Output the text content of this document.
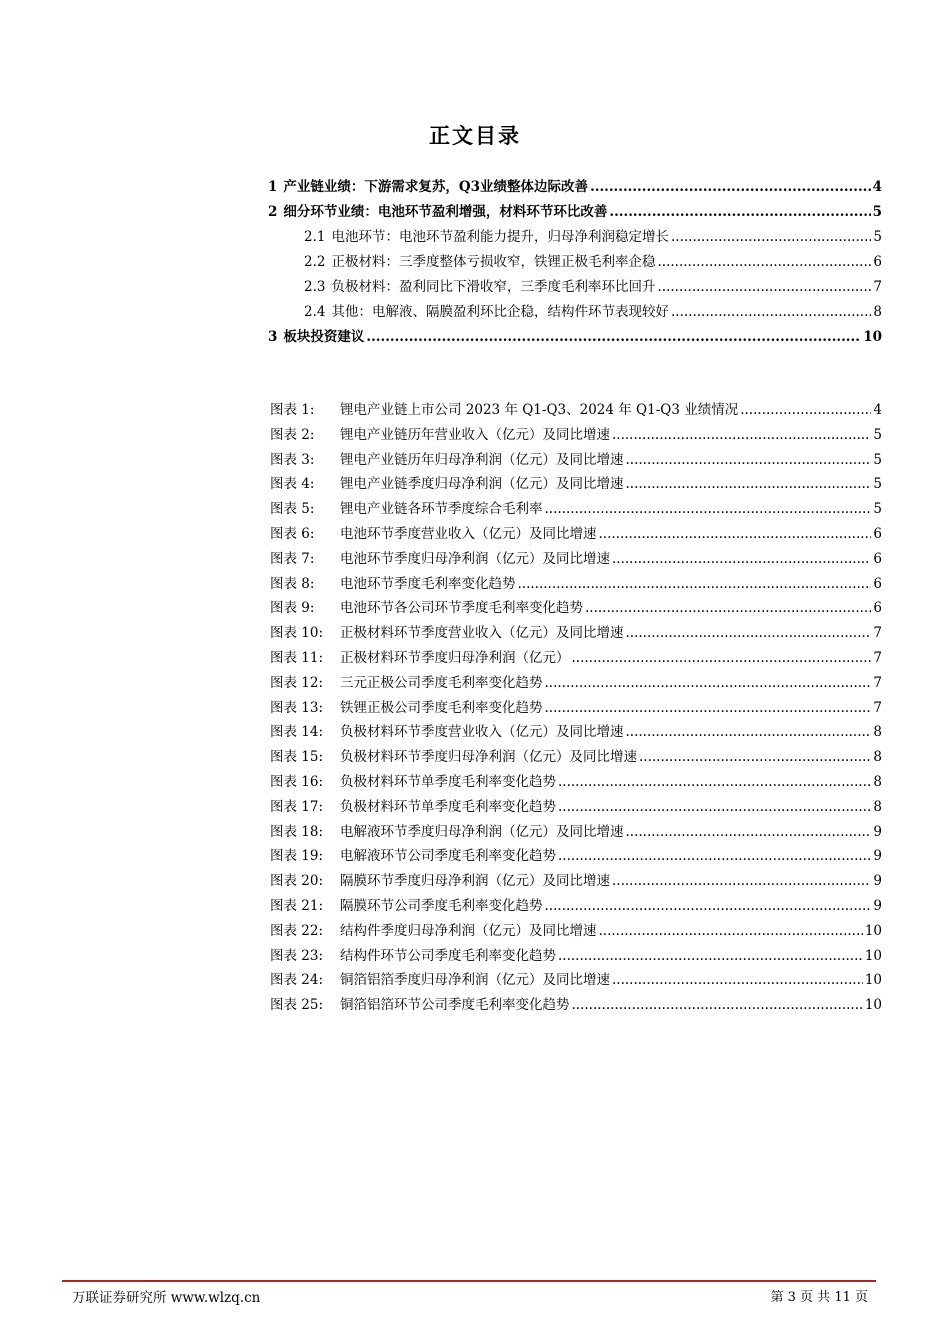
正文目录
1 产业链业绩：下游需求复苏，Q3业绩整体边际改善 .....	4
2 细分环节业绩：电池环节盈利增强，材料环节环比改善 .....	5
2.1 电池环节：电池环节盈利能力提升，归母净利润稳定增长 .....	5
2.2 正极材料：三季度整体亏损收窄，铁锂正极毛利率企稳 .....	6
2.3 负极材料：盈利同比下滑收窄，三季度毛利率环比回升 .....	7
2.4 其他：电解液、隔膜盈利环比企稳，结构件环节表现较好 .....	8
3 板块投资建议 .....	10
图表 1:	锂电产业链上市公司 2023 年 Q1-Q3、2024 年 Q1-Q3 业绩情况 .....	4
图表 2:	锂电产业链历年营业收入（亿元）及同比增速 .....	5
图表 3:	锂电产业链历年归母净利润（亿元）及同比增速 .....	5
图表 4:	锂电产业链季度归母净利润（亿元）及同比增速 .....	5
图表 5:	锂电产业链各环节季度综合毛利率 .....	5
图表 6:	电池环节季度营业收入（亿元）及同比增速 .....	6
图表 7:	电池环节季度归母净利润（亿元）及同比增速 .....	6
图表 8:	电池环节季度毛利率变化趋势 .....	6
图表 9:	电池环节各公司环节季度毛利率变化趋势 .....	6
图表 10:	正极材料环节季度营业收入（亿元）及同比增速 .....	7
图表 11:	正极材料环节季度归母净利润（亿元） .....	7
图表 12:	三元正极公司季度毛利率变化趋势 .....	7
图表 13:	铁锂正极公司季度毛利率变化趋势 .....	7
图表 14:	负极材料环节季度营业收入（亿元）及同比增速 .....	8
图表 15:	负极材料环节季度归母净利润（亿元）及同比增速 .....	8
图表 16:	负极材料环节单季度毛利率变化趋势 .....	8
图表 17:	负极材料环节单季度毛利率变化趋势 .....	8
图表 18:	电解液环节季度归母净利润（亿元）及同比增速 .....	9
图表 19:	电解液环节公司季度毛利率变化趋势 .....	9
图表 20:	隔膜环节季度归母净利润（亿元）及同比增速 .....	9
图表 21:	隔膜环节公司季度毛利率变化趋势 .....	9
图表 22:	结构件季度归母净利润（亿元）及同比增速 .....	10
图表 23:	结构件环节公司季度毛利率变化趋势 .....	10
图表 24:	铜箔铝箔季度归母净利润（亿元）及同比增速 .....	10
图表 25:	铜箔铝箔环节公司季度毛利率变化趋势 .....	10
万联证券研究所 www.wlzq.cn	第 3 页 共 11 页
